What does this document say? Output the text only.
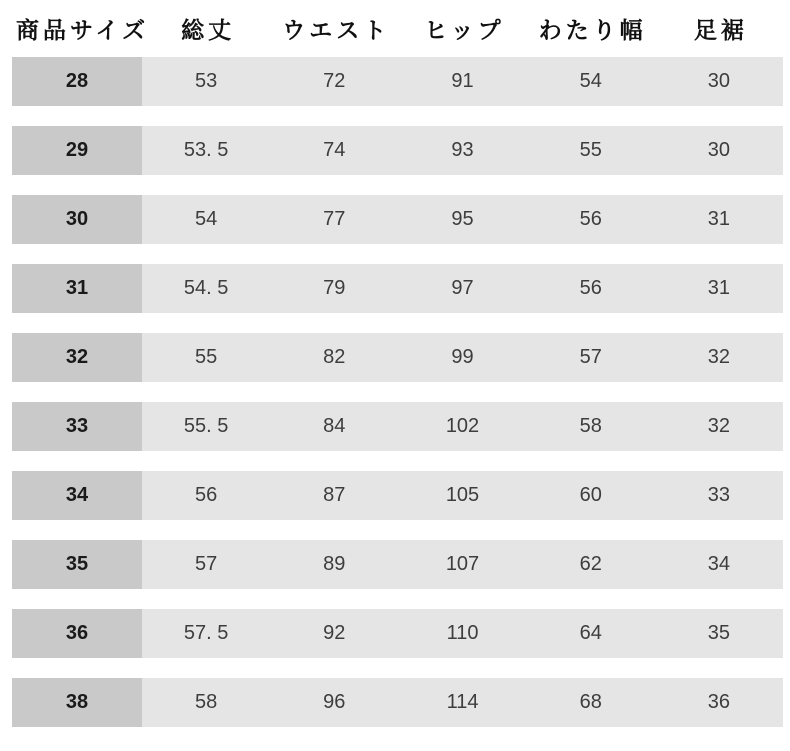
商品サイズ	総丈	ウエスト	ヒップ	わたり幅	足裾
28	53	72	91	54	30
29	53. 5	74	93	55	30
30	54	77	95	56	31
31	54. 5	79	97	56	31
32	55	82	99	57	32
33	55. 5	84	102	58	32
34	56	87	105	60	33
35	57	89	107	62	34
36	57. 5	92	110	64	35
38	58	96	114	68	36
